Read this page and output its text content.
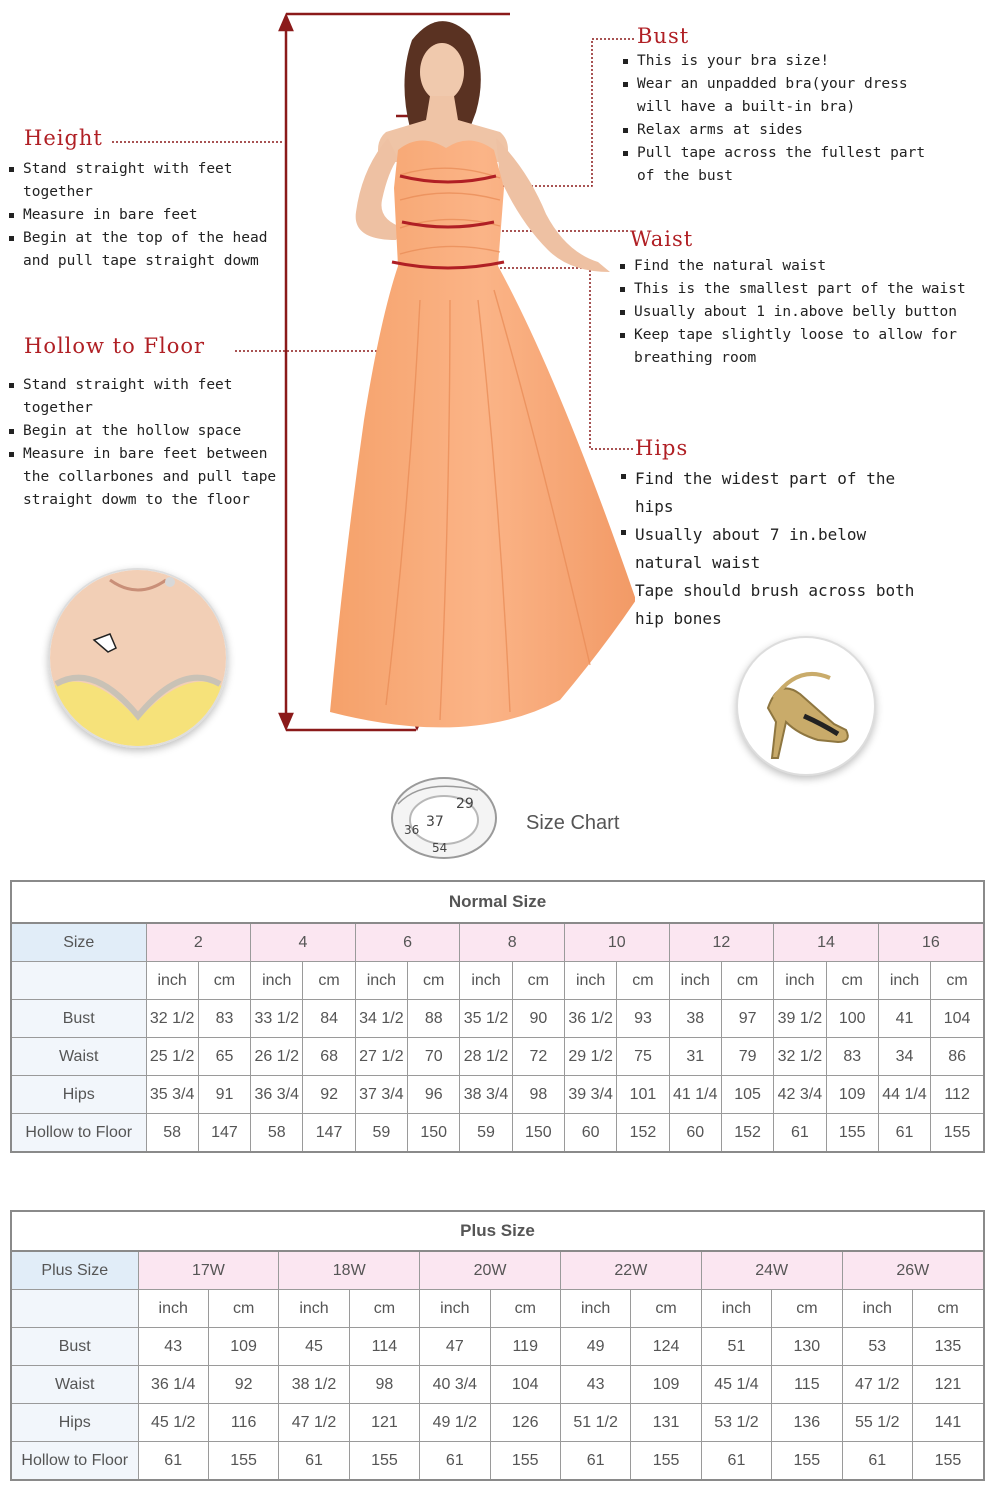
Height
Stand straight with feet together
Measure in bare feet
Begin at the top of the head and pull tape straight dowm
Hollow to Floor
Stand straight with feet together
Begin at the hollow space
Measure in bare feet between the collarbones and pull tape straight dowm to the floor
Bust
This is your bra size!
Wear an unpadded bra(your dress will have a built-in bra)
Relax arms at sides
Pull tape across the fullest part of the bust
Waist
Find the natural waist
This is the smallest part of the waist
Usually about 1 in.above belly button
Keep tape slightly loose to allow for breathing room
Hips
Find the widest part of the hips
Usually about 7 in.below natural waist
Tape should brush across both hip bones
29
37
36
54
Size Chart
Normal Size
Size	2		4		6		8		10		12		14		16	
	inch	cm	inch	cm	inch	cm	inch	cm	inch	cm	inch	cm	inch	cm	inch	cm
Bust	32 1/2	83	33 1/2	84	34 1/2	88	35 1/2	90	36 1/2	93	38	97	39 1/2	100	41	104
Waist	25 1/2	65	26 1/2	68	27 1/2	70	28 1/2	72	29 1/2	75	31	79	32 1/2	83	34	86
Hips	35 3/4	91	36 3/4	92	37 3/4	96	38 3/4	98	39 3/4	101	41 1/4	105	42 3/4	109	44 1/4	112
Hollow to Floor	58	147	58	147	59	150	59	150	60	152	60	152	61	155	61	155
Plus Size
Plus Size	17W		18W		20W		22W		24W		26W	
	inch	cm	inch	cm	inch	cm	inch	cm	inch	cm	inch	cm
Bust	43	109	45	114	47	119	49	124	51	130	53	135
Waist	36 1/4	92	38 1/2	98	40 3/4	104	43	109	45 1/4	115	47 1/2	121
Hips	45 1/2	116	47 1/2	121	49 1/2	126	51 1/2	131	53 1/2	136	55 1/2	141
Hollow to Floor	61	155	61	155	61	155	61	155	61	155	61	155
